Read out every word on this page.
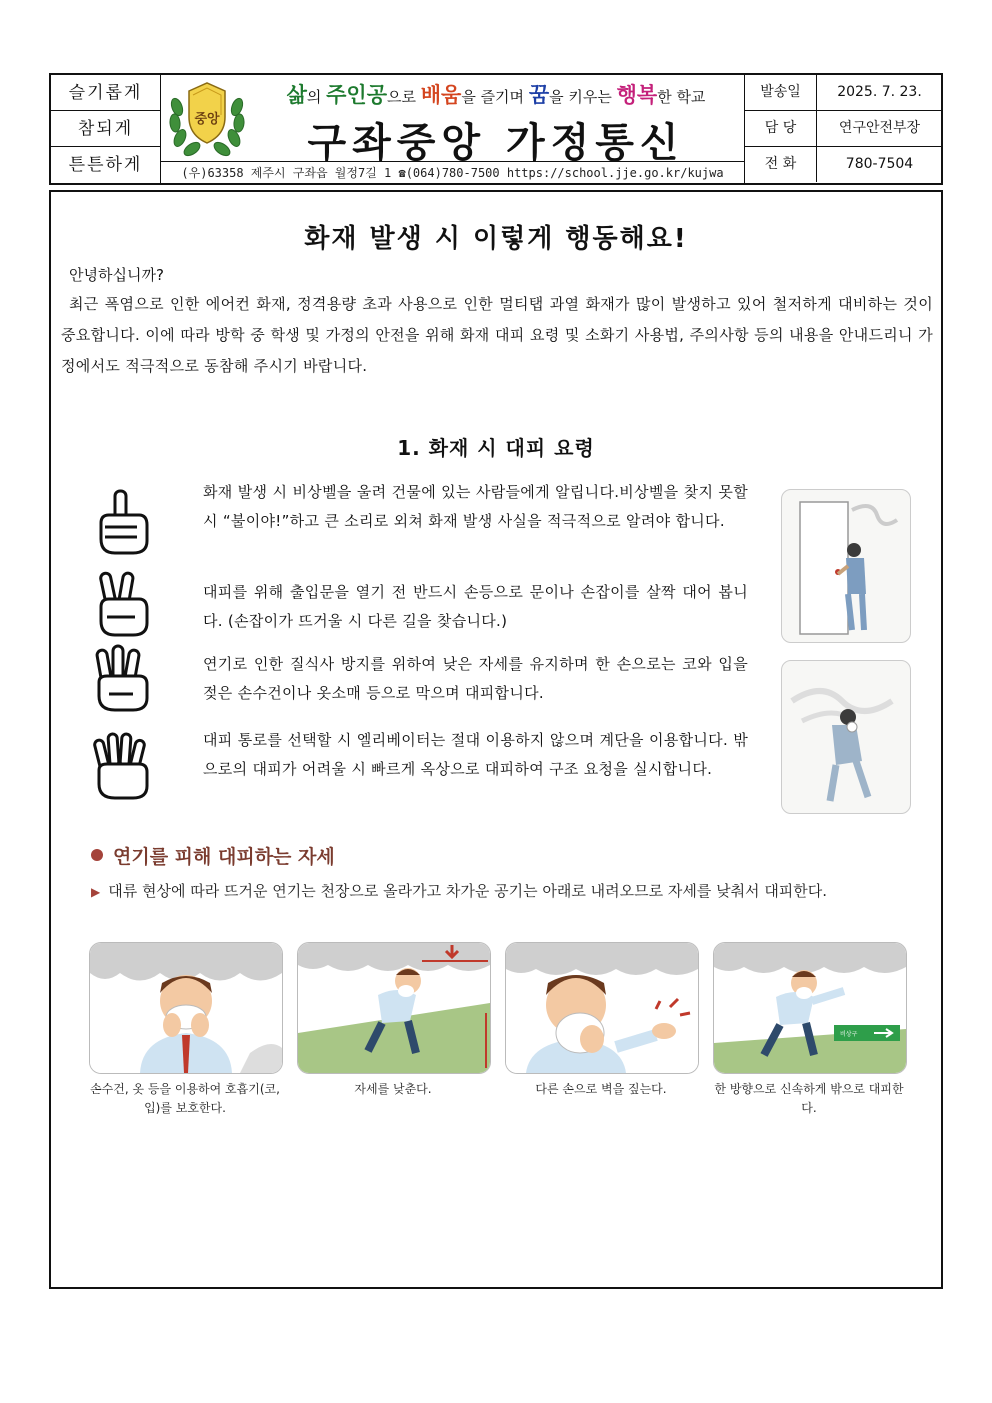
슬기롭게
참되게
튼튼하게
중앙
삶의 주인공으로 배움을 즐기며 꿈을 키우는 행복한 학교
구좌중앙 가정통신
(우)63358 제주시 구좌읍 월정7길 1 ☎(064)780-7500 https://school.jje.go.kr/kujwa
발송일	2025. 7. 23.
담 당	연구안전부장
전 화	780-7504
화재 발생 시 이렇게 행동해요!
안녕하십니까?
최근 폭염으로 인한 에어컨 화재, 정격용량 초과 사용으로 인한 멀티탭 과열 화재가 많이 발생하고 있어 철저하게 대비하는 것이 중요합니다. 이에 따라 방학 중 학생 및 가정의 안전을 위해 화재 대피 요령 및 소화기 사용법, 주의사항 등의 내용을 안내드리니 가정에서도 적극적으로 동참해 주시기 바랍니다.
1. 화재 시 대피 요령
화재 발생 시 비상벨을 울려 건물에 있는 사람들에게 알립니다.비상벨을 찾지 못할 시 “불이야!”하고 큰 소리로 외쳐 화재 발생 사실을 적극적으로 알려야 합니다.
대피를 위해 출입문을 열기 전 반드시 손등으로 문이나 손잡이를 살짝 대어 봅니다. (손잡이가 뜨거울 시 다른 길을 찾습니다.)
연기로 인한 질식사 방지를 위하여 낮은 자세를 유지하며 한 손으로는 코와 입을 젖은 손수건이나 옷소매 등으로 막으며 대피합니다.
대피 통로를 선택할 시 엘리베이터는 절대 이용하지 않으며 계단을 이용합니다. 밖으로의 대피가 어려울 시 빠르게 옥상으로 대피하여 구조 요청을 실시합니다.
연기를 피해 대피하는 자세
▶ 대류 현상에 따라 뜨거운 연기는 천장으로 올라가고 차가운 공기는 아래로 내려오므로 자세를 낮춰서 대피한다.
비상구
손수건, 옷 등을 이용하여 호흡기(코, 입)를 보호한다.
자세를 낮춘다.	다른 손으로 벽을 짚는다.	한 방향으로 신속하게 밖으로 대피한다.
